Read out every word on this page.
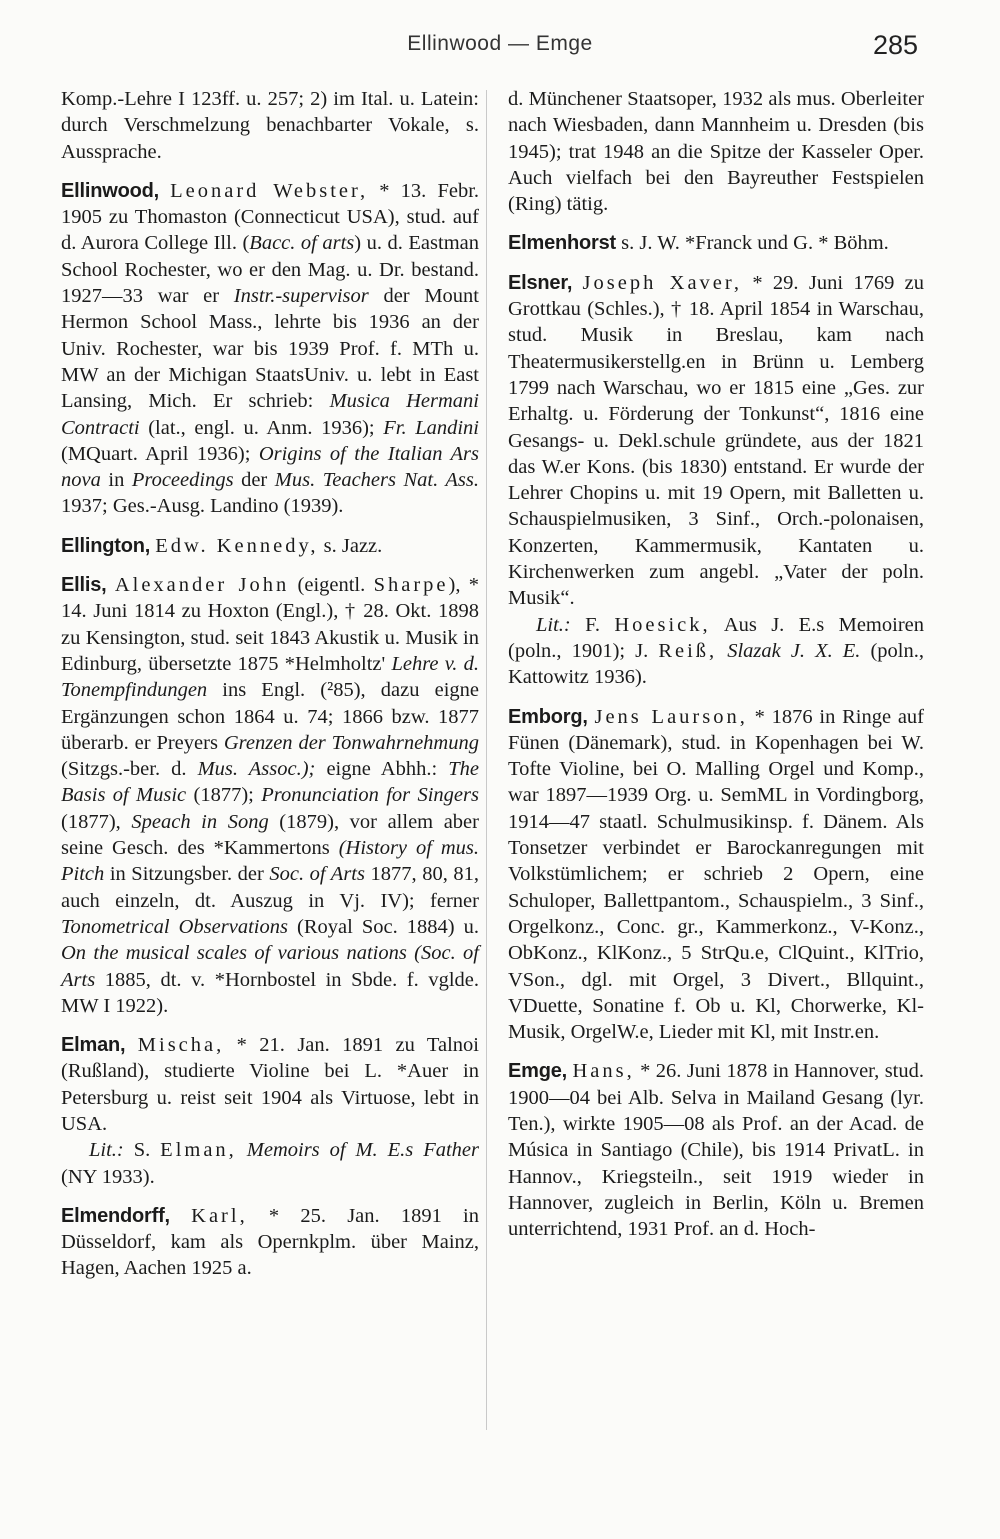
Ellinwood — Emge	285

Komp.-Lehre I 123ff. u. 257; 2) im Ital. u. Latein: durch Verschmelzung benachbarter Vokale, s. Aussprache.

Ellinwood, Leonard Webster, * 13. Febr. 1905 zu Thomaston (Connecticut USA), stud. auf d. Aurora College Ill. (Bacc. of arts) u. d. Eastman School Rochester, wo er den Mag. u. Dr. bestand. 1927—33 war er Instr.-supervisor der Mount Hermon School Mass., lehrte bis 1936 an der Univ. Rochester, war bis 1939 Prof. f. MTh u. MW an der Michigan StaatsUniv. u. lebt in East Lansing, Mich. Er schrieb: Musica Hermani Contracti (lat., engl. u. Anm. 1936); Fr. Landini (MQuart. April 1936); Origins of the Italian Ars nova in Proceedings der Mus. Teachers Nat. Ass. 1937; Ges.-Ausg. Landino (1939).

Ellington, Edw. Kennedy, s. Jazz.

Ellis, Alexander John (eigentl. Sharpe), * 14. Juni 1814 zu Hoxton (Engl.), † 28. Okt. 1898 zu Kensington, stud. seit 1843 Akustik u. Musik in Edinburg, übersetzte 1875 *Helmholtz' Lehre v. d. Tonempfindungen ins Engl. (²85), dazu eigne Ergänzungen schon 1864 u. 74; 1866 bzw. 1877 überarb. er Preyers Grenzen der Tonwahrnehmung (Sitzgs.-ber. d. Mus. Assoc.); eigne Abhh.: The Basis of Music (1877); Pronunciation for Singers (1877), Speach in Song (1879), vor allem aber seine Gesch. des *Kammertons (History of mus. Pitch in Sitzungsber. der Soc. of Arts 1877, 80, 81, auch einzeln, dt. Auszug in Vj. IV); ferner Tonometrical Observations (Royal Soc. 1884) u. On the musical scales of various nations (Soc. of Arts 1885, dt. v. *Hornbostel in Sbde. f. vglde. MW I 1922).

Elman, Mischa, * 21. Jan. 1891 zu Talnoi (Rußland), studierte Violine bei L. *Auer in Petersburg u. reist seit 1904 als Virtuose, lebt in USA.

Lit.: S. Elman, Memoirs of M. E.s Father (NY 1933).

Elmendorff, Karl, * 25. Jan. 1891 in Düsseldorf, kam als Opernkplm. über Mainz, Hagen, Aachen 1925 a.

d. Münchener Staatsoper, 1932 als mus. Oberleiter nach Wiesbaden, dann Mannheim u. Dresden (bis 1945); trat 1948 an die Spitze der Kasseler Oper. Auch vielfach bei den Bayreuther Festspielen (Ring) tätig.

Elmenhorst s. J. W. *Franck und G. * Böhm.

Elsner, Joseph Xaver, * 29. Juni 1769 zu Grottkau (Schles.), † 18. April 1854 in Warschau, stud. Musik in Breslau, kam nach Theatermusikerstellg.en in Brünn u. Lemberg 1799 nach Warschau, wo er 1815 eine „Ges. zur Erhaltg. u. Förderung der Tonkunst“, 1816 eine Gesangs- u. Dekl.schule gründete, aus der 1821 das W.er Kons. (bis 1830) entstand. Er wurde der Lehrer Chopins u. mit 19 Opern, mit Balletten u. Schauspielmusiken, 3 Sinf., Orch.-polonaisen, Konzerten, Kammermusik, Kantaten u. Kirchenwerken zum angebl. „Vater der poln. Musik“.

Lit.: F. Hoesick, Aus J. E.s Memoiren (poln., 1901); J. Reiß, Slazak J. X. E. (poln., Kattowitz 1936).

Emborg, Jens Laurson, * 1876 in Ringe auf Fünen (Dänemark), stud. in Kopenhagen bei W. Tofte Violine, bei O. Malling Orgel und Komp., war 1897—1939 Org. u. SemML in Vordingborg, 1914—47 staatl. Schulmusikinsp. f. Dänem. Als Tonsetzer verbindet er Barockanregungen mit Volkstümlichem; er schrieb 2 Opern, eine Schuloper, Ballettpantom., Schauspielm., 3 Sinf., Orgelkonz., Conc. gr., Kammerkonz., V-Konz., ObKonz., KlKonz., 5 StrQu.e, ClQuint., KlTrio, VSon., dgl. mit Orgel, 3 Divert., Bllquint., VDuette, Sonatine f. Ob u. Kl, Chorwerke, Kl-Musik, OrgelW.e, Lieder mit Kl, mit Instr.en.

Emge, Hans, * 26. Juni 1878 in Hannover, stud. 1900—04 bei Alb. Selva in Mailand Gesang (lyr. Ten.), wirkte 1905—08 als Prof. an der Acad. de Música in Santiago (Chile), bis 1914 PrivatL. in Hannov., Kriegsteiln., seit 1919 wieder in Hannover, zugleich in Berlin, Köln u. Bremen unterrichtend, 1931 Prof. an d. Hoch-
